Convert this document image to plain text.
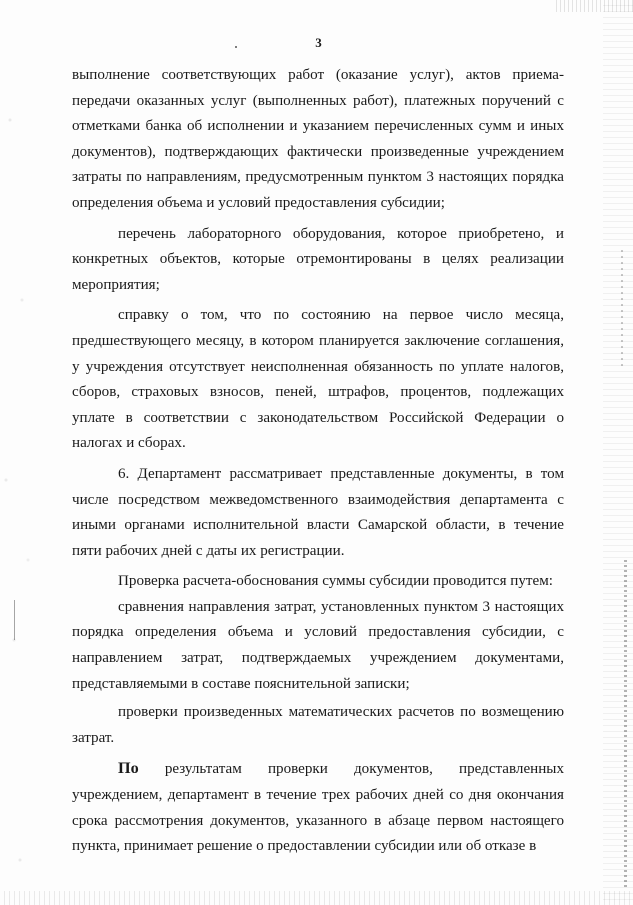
3

выполнение соответствующих работ (оказание услуг), актов приема-передачи оказанных услуг (выполненных работ), платежных поручений с отметками банка об исполнении и указанием перечисленных сумм и иных документов), подтверждающих фактически произведенные учреждением затраты по направлениям, предусмотренным пунктом 3 настоящих порядка определения объема и условий предоставления субсидии;

перечень лабораторного оборудования, которое приобретено, и конкретных объектов, которые отремонтированы в целях реализации мероприятия;

справку о том, что по состоянию на первое число месяца, предшествующего месяцу, в котором планируется заключение соглашения, у учреждения отсутствует неисполненная обязанность по уплате налогов, сборов, страховых взносов, пеней, штрафов, процентов, подлежащих уплате в соответствии с законодательством Российской Федерации о налогах и сборах.

6. Департамент рассматривает представленные документы, в том числе посредством межведомственного взаимодействия департамента с иными органами исполнительной власти Самарской области, в течение пяти рабочих дней с даты их регистрации.

Проверка расчета-обоснования суммы субсидии проводится путем:

сравнения направления затрат, установленных пунктом 3 настоящих порядка определения объема и условий предоставления субсидии, с направлением затрат, подтверждаемых учреждением документами, представляемыми в составе пояснительной записки;

проверки произведенных математических расчетов по возмещению затрат.

По результатам проверки документов, представленных учреждением, департамент в течение трех рабочих дней со дня окончания срока рассмотрения документов, указанного в абзаце первом настоящего пункта, принимает решение о предоставлении субсидии или об отказе в
